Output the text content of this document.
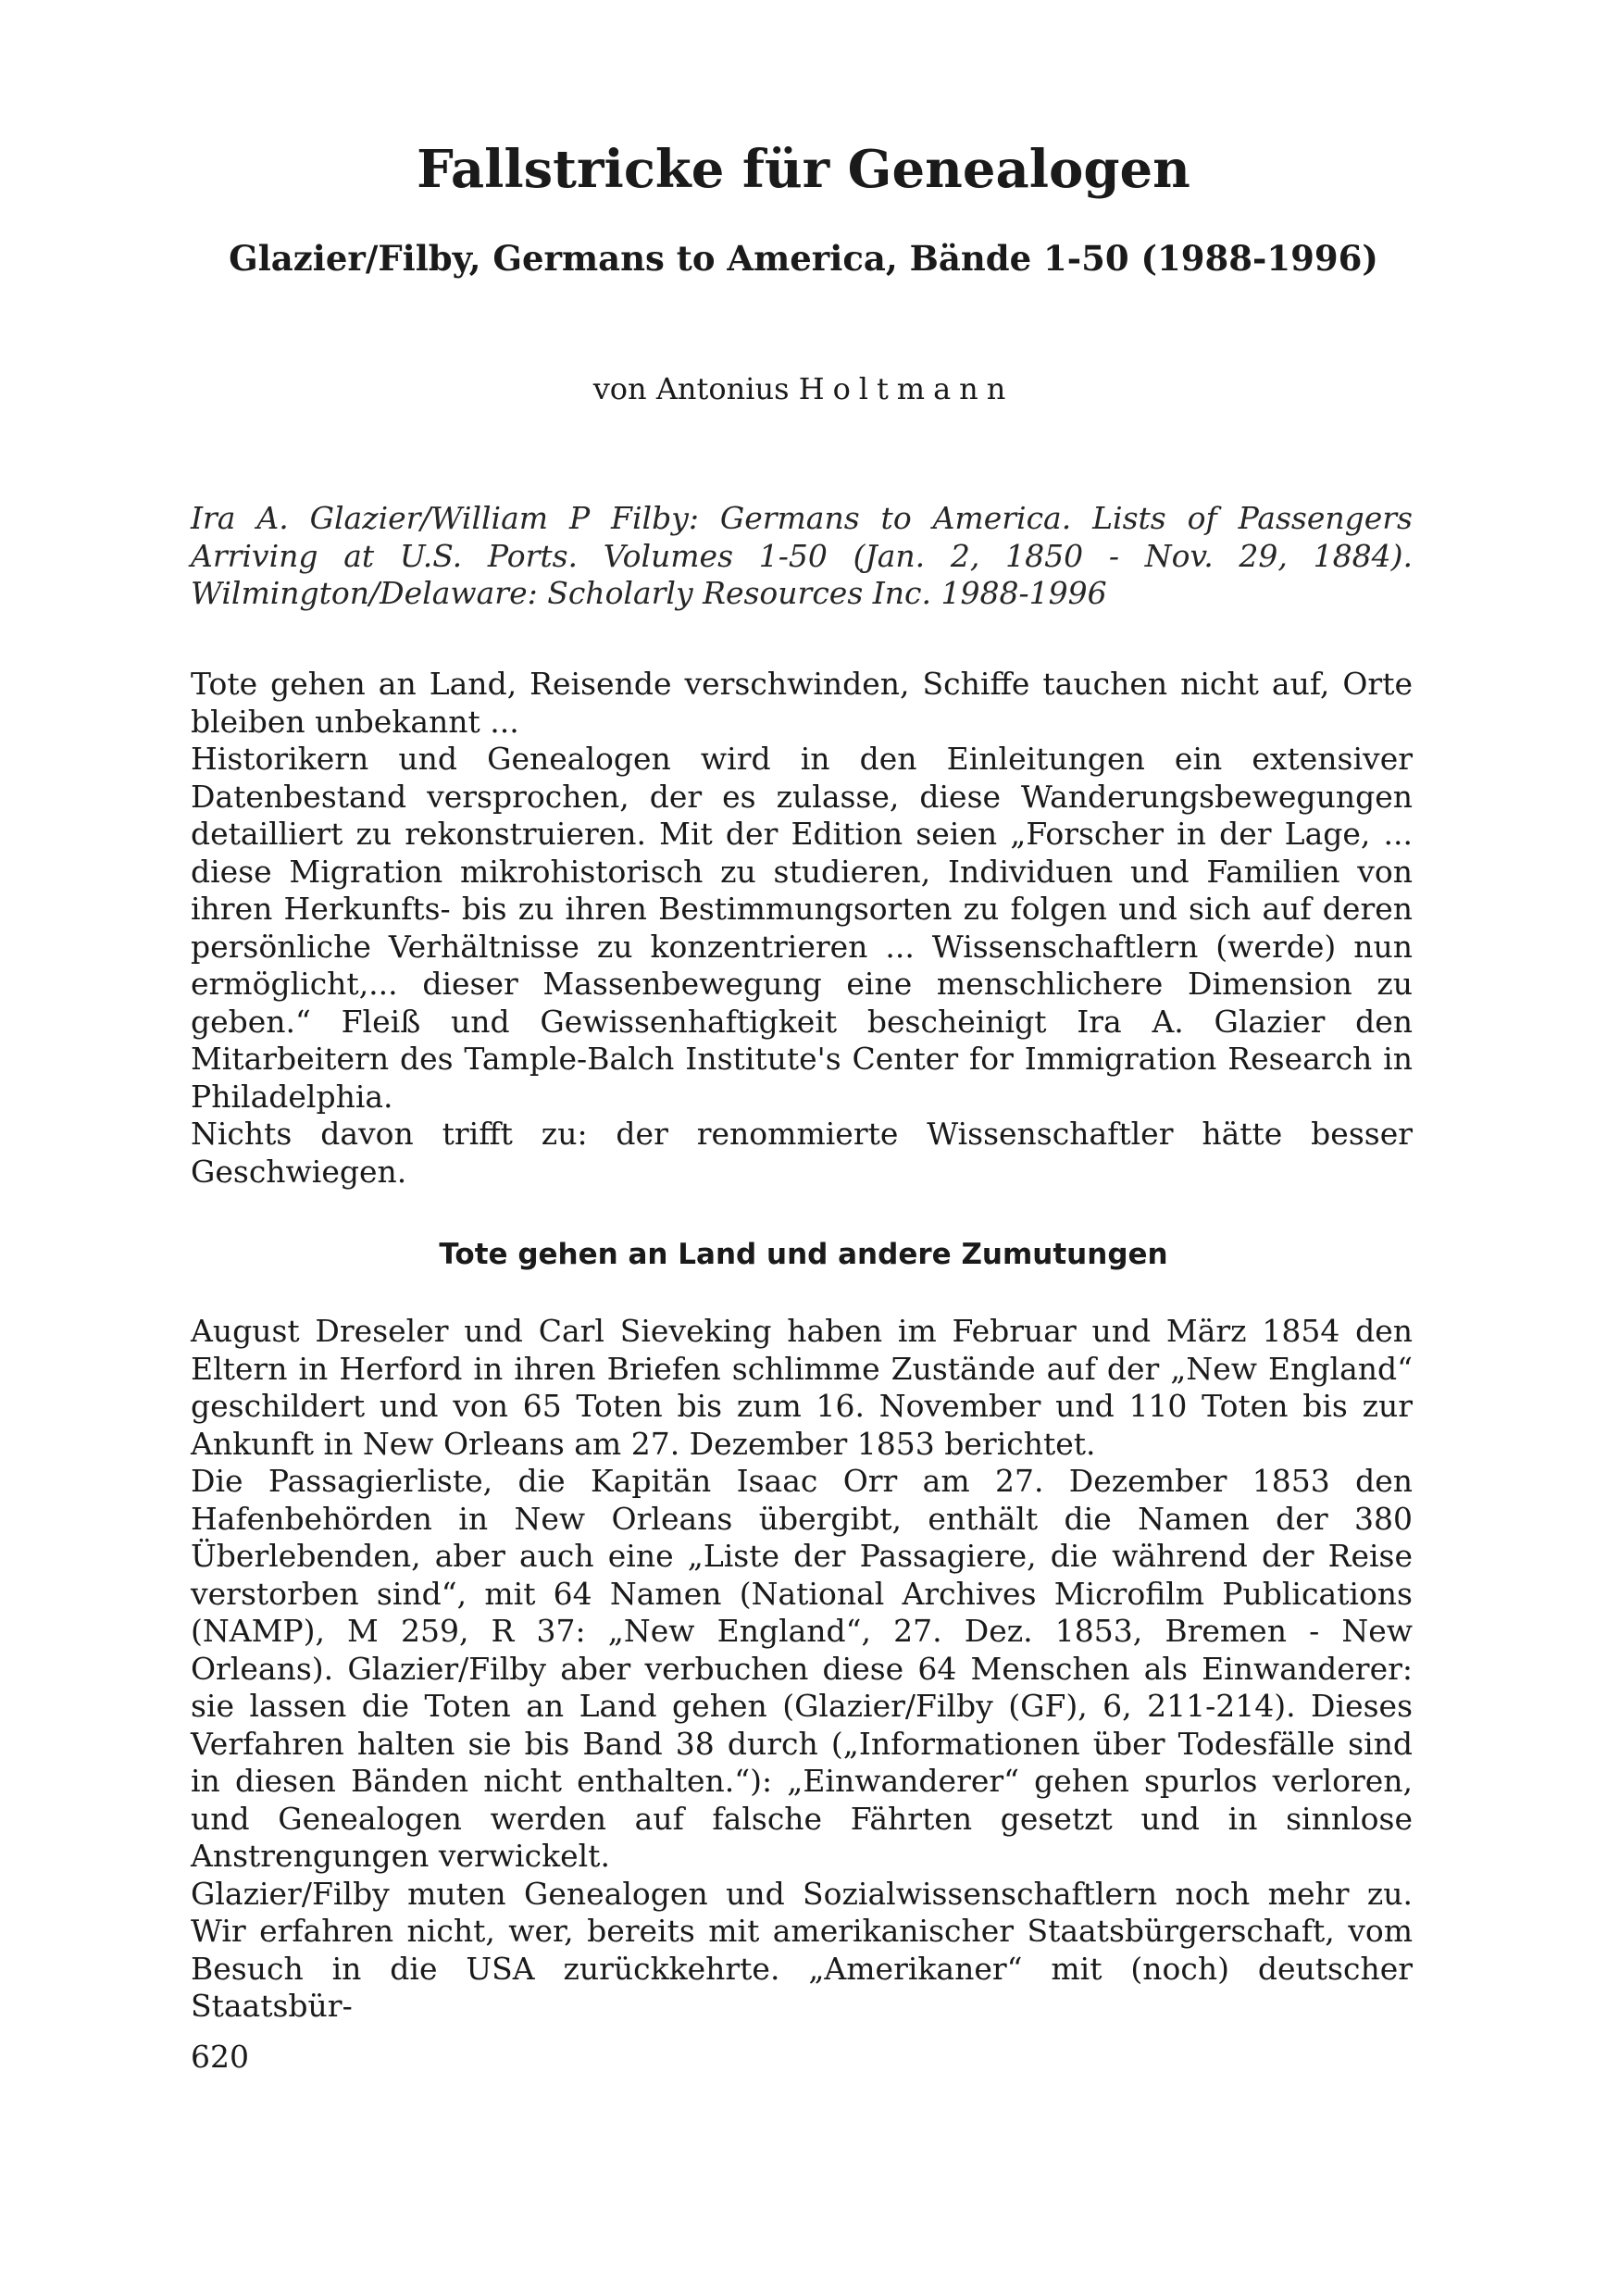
Fallstricke für Genealogen
Glazier/Filby, Germans to America, Bände 1-50 (1988-1996)
von Antonius Holtmann

Ira A. Glazier/William P Filby: Germans to America. Lists of Passengers Arriving at U.S. Ports. Volumes 1-50 (Jan. 2, 1850 - Nov. 29, 1884). Wilmington/Delaware: Scholarly Resources Inc. 1988-1996

Tote gehen an Land, Reisende verschwinden, Schiffe tauchen nicht auf, Orte bleiben unbekannt ...

Historikern und Genealogen wird in den Einleitungen ein extensiver Datenbestand versprochen, der es zulasse, diese Wanderungsbewegungen detailliert zu rekonstruieren. Mit der Edition seien „Forscher in der Lage, ... diese Migration mikrohistorisch zu studieren, Individuen und Familien von ihren Herkunfts- bis zu ihren Bestimmungsorten zu folgen und sich auf deren persönliche Verhältnisse zu konzentrieren ... Wissenschaftlern (werde) nun ermöglicht,... dieser Massenbewegung eine menschlichere Dimension zu geben.“ Fleiß und Gewissenhaftigkeit bescheinigt Ira A. Glazier den Mitarbeitern des Tample-Balch Institute's Center for Immigration Research in Philadelphia.

Nichts davon trifft zu: der renommierte Wissenschaftler hätte besser Geschwiegen.

Tote gehen an Land und andere Zumutungen

August Dreseler und Carl Sieveking haben im Februar und März 1854 den Eltern in Herford in ihren Briefen schlimme Zustände auf der „New England“ geschildert und von 65 Toten bis zum 16. November und 110 Toten bis zur Ankunft in New Orleans am 27. Dezember 1853 berichtet.

Die Passagierliste, die Kapitän Isaac Orr am 27. Dezember 1853 den Hafenbehörden in New Orleans übergibt, enthält die Namen der 380 Überlebenden, aber auch eine „Liste der Passagiere, die während der Reise verstorben sind“, mit 64 Namen (National Archives Microfilm Publications (NAMP), M 259, R 37: „New England“, 27. Dez. 1853, Bremen - New Orleans). Glazier/Filby aber verbuchen diese 64 Menschen als Einwanderer: sie lassen die Toten an Land gehen (Glazier/Filby (GF), 6, 211-214). Dieses Verfahren halten sie bis Band 38 durch („Informationen über Todesfälle sind in diesen Bänden nicht enthalten.“): „Einwanderer“ gehen spurlos verloren, und Genealogen werden auf falsche Fährten gesetzt und in sinnlose Anstrengungen verwickelt.

Glazier/Filby muten Genealogen und Sozialwissenschaftlern noch mehr zu. Wir erfahren nicht, wer, bereits mit amerikanischer Staatsbürgerschaft, vom Besuch in die USA zurückkehrte. „Amerikaner“ mit (noch) deutscher Staatsbür-

620
